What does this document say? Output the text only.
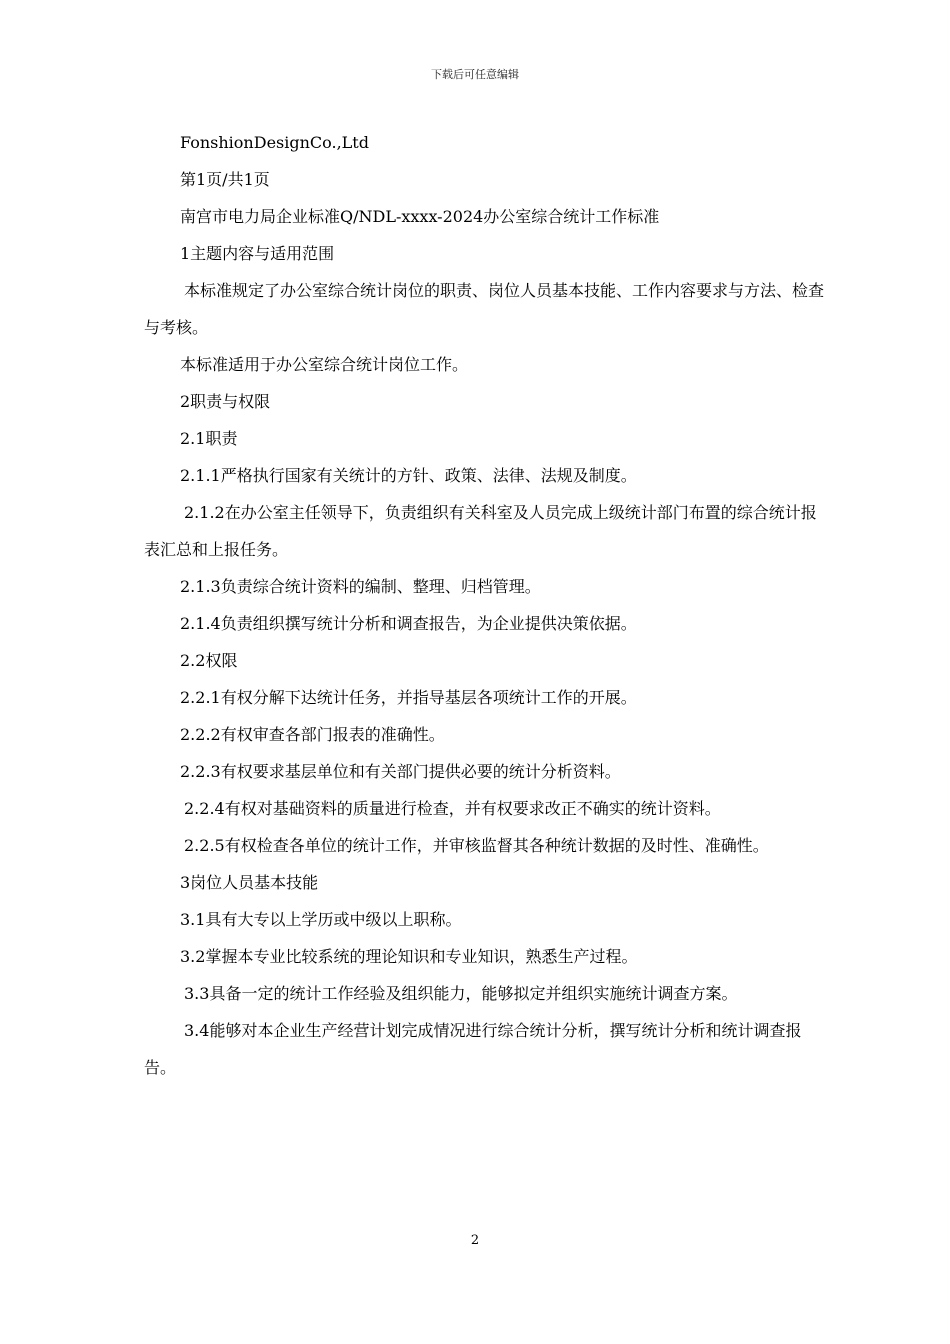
下载后可任意编辑

FonshionDesignCo.,Ltd

第1页/共1页

南宫市电力局企业标准Q/NDL-xxxx-2024办公室综合统计工作标准

1主题内容与适用范围

本标准规定了办公室综合统计岗位的职责、岗位人员基本技能、工作内容要求与方法、检查与考核。

本标准适用于办公室综合统计岗位工作。

2职责与权限

2.1职责

2.1.1严格执行国家有关统计的方针、政策、法律、法规及制度。

2.1.2在办公室主任领导下，负责组织有关科室及人员完成上级统计部门布置的综合统计报表汇总和上报任务。

2.1.3负责综合统计资料的编制、整理、归档管理。

2.1.4负责组织撰写统计分析和调查报告，为企业提供决策依据。

2.2权限

2.2.1有权分解下达统计任务，并指导基层各项统计工作的开展。

2.2.2有权审查各部门报表的准确性。

2.2.3有权要求基层单位和有关部门提供必要的统计分析资料。

2.2.4有权对基础资料的质量进行检查，并有权要求改正不确实的统计资料。

2.2.5有权检查各单位的统计工作，并审核监督其各种统计数据的及时性、准确性。

3岗位人员基本技能

3.1具有大专以上学历或中级以上职称。

3.2掌握本专业比较系统的理论知识和专业知识，熟悉生产过程。

3.3具备一定的统计工作经验及组织能力，能够拟定并组织实施统计调查方案。

3.4能够对本企业生产经营计划完成情况进行综合统计分析，撰写统计分析和统计调查报告。

2
